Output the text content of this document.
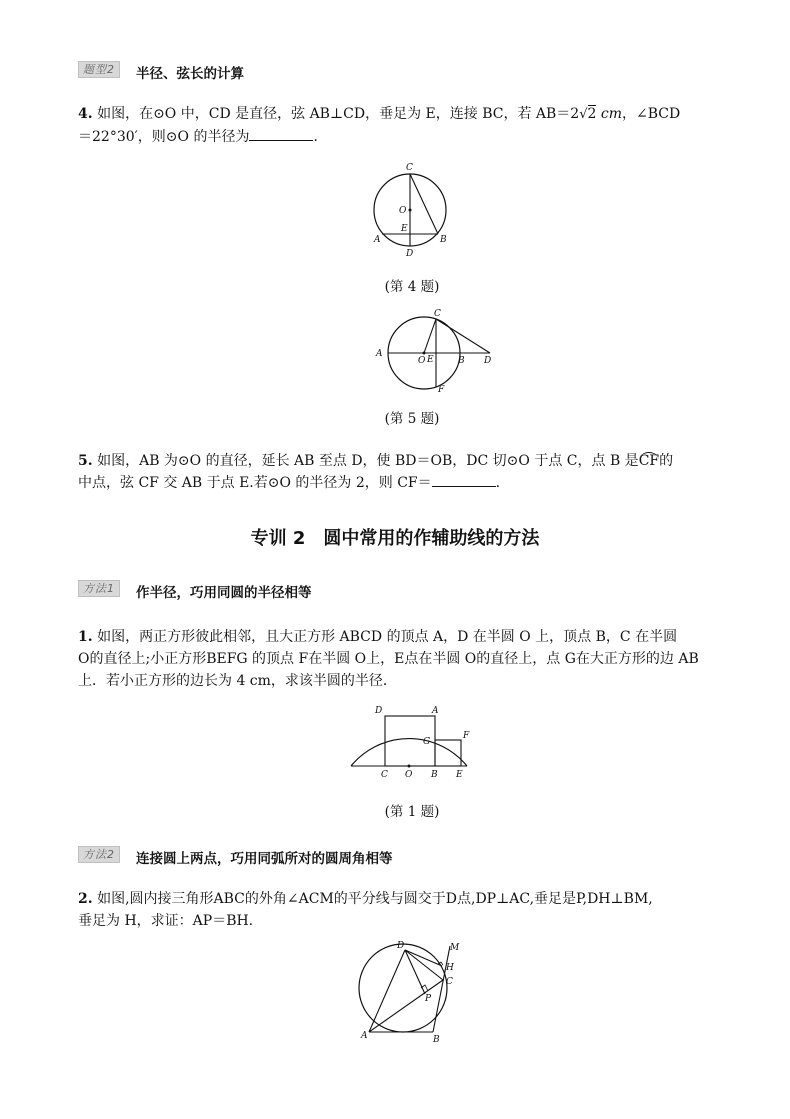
题型2	半径、弦长的计算
4. 如图，在⊙O 中，CD 是直径，弦 AB⊥CD，垂足为 E，连接 BC，若 AB＝2√2 cm，∠BCD
＝22°30′，则⊙O 的半径为	．
C
O
E
A	B
D
(第 4 题)
A
O E	B D
C
F
(第 5 题)
5. 如图，AB 为⊙O 的直径，延长 AB 至点 D，使 BD＝OB，DC 切⊙O 于点 C，点 B 是CF的
中点，弦 CF 交 AB 于点 E.若⊙O 的半径为 2，则 CF＝	.
专训 2　圆中常用的作辅助线的方法
方法1	作半径，巧用同圆的半径相等
1. 如图，两正方形彼此相邻，且大正方形 ABCD 的顶点 A，D 在半圆 O 上，顶点 B，C 在半圆
O的直径上;小正方形BEFG 的顶点 F在半圆 O上，E点在半圆 O的直径上，点 G在大正方形的边 AB
上．若小正方形的边长为 4 cm，求该半圆的半径．
D	A
G
F
C O B E
(第 1 题)
方法2	连接圆上两点，巧用同弧所对的圆周角相等
2. 如图,圆内接三角形ABC的外角∠ACM的平分线与圆交于D点,DP⊥AC,垂足是P,DH⊥BM,
垂足为 H，求证：AP＝BH.
M
D
H
C
P
A	B
